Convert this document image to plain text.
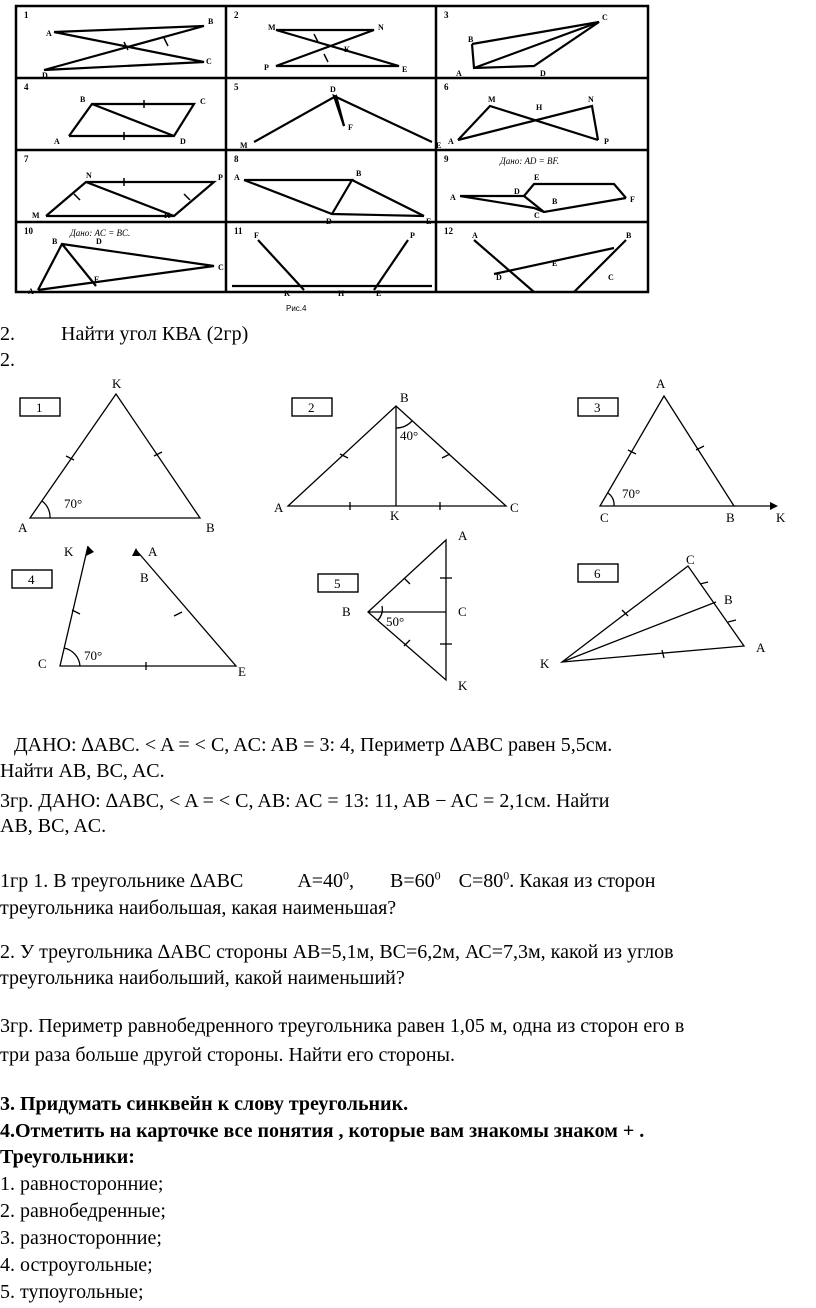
1	2	3
4	5	6
7	8	9
10	11	12
A
B
D
C
M	N
K
P	E
C
B
A	D
B	C
A	D
D
M
F
E
M
H
N
A	P
N	P
M	K
A	B
D	E
E
A
D
B	F
C
B	D
C
A
E
F	P
K	H	E
A	B
E
D	C
Дано: AD = BF.
Дано: AC = BC.
Рис.4
2. Найти угол КВА (2гр)
2.
1	2	3
4	5
6
K
A	B
70°
B
A
K
C
40°
A
C	B	K
70°
K	A
B
C
E
70°
A
B	C
K
50°
C
B
A
K
ДАНО: ∆ABC. < A = < C, AC: AB = 3: 4, Периметр ∆ABC равен 5,5см.
Найти AB, BC, AC.
3гр. ДАНО: ∆ABC, < A = < C, AB: AC = 13: 11, AB − AC = 2,1см. Найти
AB, BC, AC.
1гр 1. В треугольнике ∆АВС	$А=40^0$,  $В=60^0$ $С=80^0$. Какая из сторон
треугольника наибольшая, какая наименьшая?
2. У треугольника ∆АВС стороны АВ=5,1м, ВС=6,2м, АС=7,3м, какой из углов
треугольника наибольший, какой наименьший?
3гр. Периметр равнобедренного треугольника равен 1,05 м, одна из сторон его в
три раза больше другой стороны. Найти его стороны.
3. Придумать синквейн к слову треугольник.
4.Отметить на карточке все понятия , которые вам знакомы знаком + .
Треугольники:
1. равносторонние;
2. равнобедренные;
3. разносторонние;
4. остроугольные;
5. тупоугольные;
